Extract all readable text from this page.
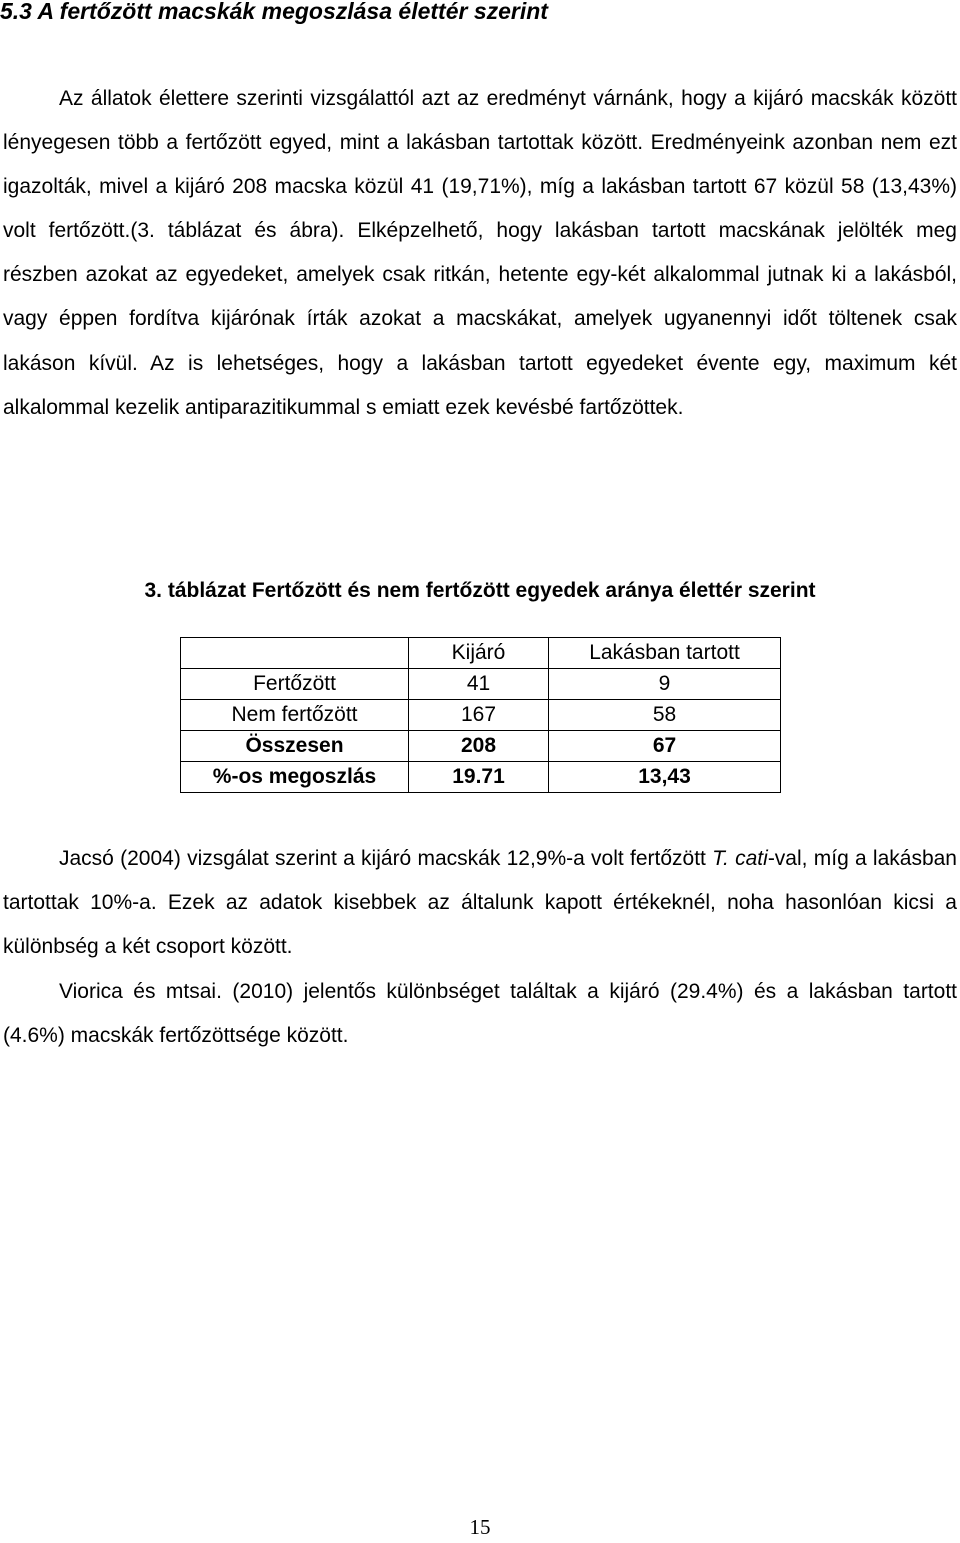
5.3 A fertőzött macskák megoszlása élettér szerint

Az állatok élettere szerinti vizsgálattól azt az eredményt várnánk, hogy a kijáró macskák között lényegesen több a fertőzött egyed, mint a lakásban tartottak között. Eredményeink azonban nem ezt igazolták, mivel a kijáró 208 macska közül 41 (19,71%), míg a lakásban tartott 67 közül 58 (13,43%) volt fertőzött.(3. táblázat és ábra). Elképzelhető, hogy lakásban tartott macskának jelölték meg részben azokat az egyedeket, amelyek csak ritkán, hetente egy-két alkalommal jutnak ki a lakásból, vagy éppen fordítva kijárónak írták azokat a macskákat, amelyek ugyanennyi időt töltenek csak lakáson kívül. Az is lehetséges, hogy a lakásban tartott egyedeket évente egy, maximum két alkalommal kezelik antiparazitikummal s emiatt ezek kevésbé fartőzöttek.

3. táblázat Fertőzött és nem fertőzött egyedek aránya élettér szerint

	Kijáró	Lakásban tartott
Fertőzött	41	9
Nem fertőzött	167	58
Összesen	208	67
%-os megoszlás	19.71	13,43

Jacsó (2004) vizsgálat szerint a kijáró macskák 12,9%-a volt fertőzött T. cati-val, míg a lakásban tartottak 10%-a. Ezek az adatok kisebbek az általunk kapott értékeknél, noha hasonlóan kicsi a különbség a két csoport között.

Viorica és mtsai. (2010) jelentős különbséget találtak a kijáró (29.4%) és a lakásban tartott (4.6%) macskák fertőzöttsége között.

15
